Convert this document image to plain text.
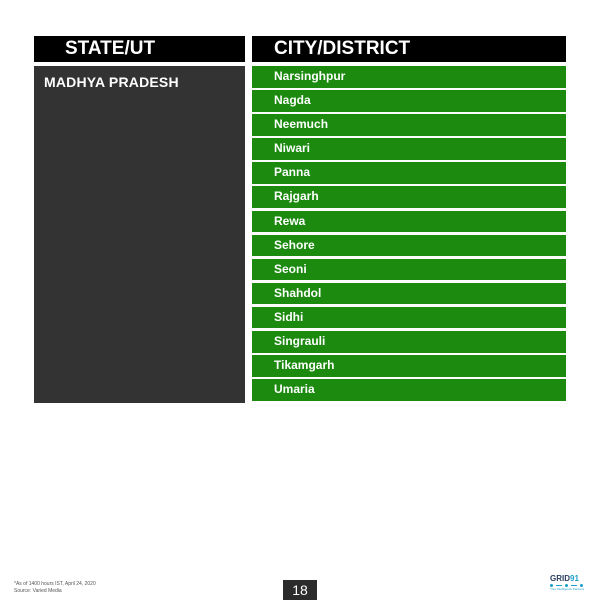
STATE/UT	CITY/DISTRICT
MADHYA PRADESH	Narsinghpur
Nagda
Neemuch
Niwari
Panna
Rajgarh
Rewa
Sehore
Seoni
Shahdol
Sidhi
Singrauli
Tikamgarh
Umaria
*As of 1400 hours IST, April 24, 2020
Source: Varied Media	18
GRID91
Your Intelligence Partners
